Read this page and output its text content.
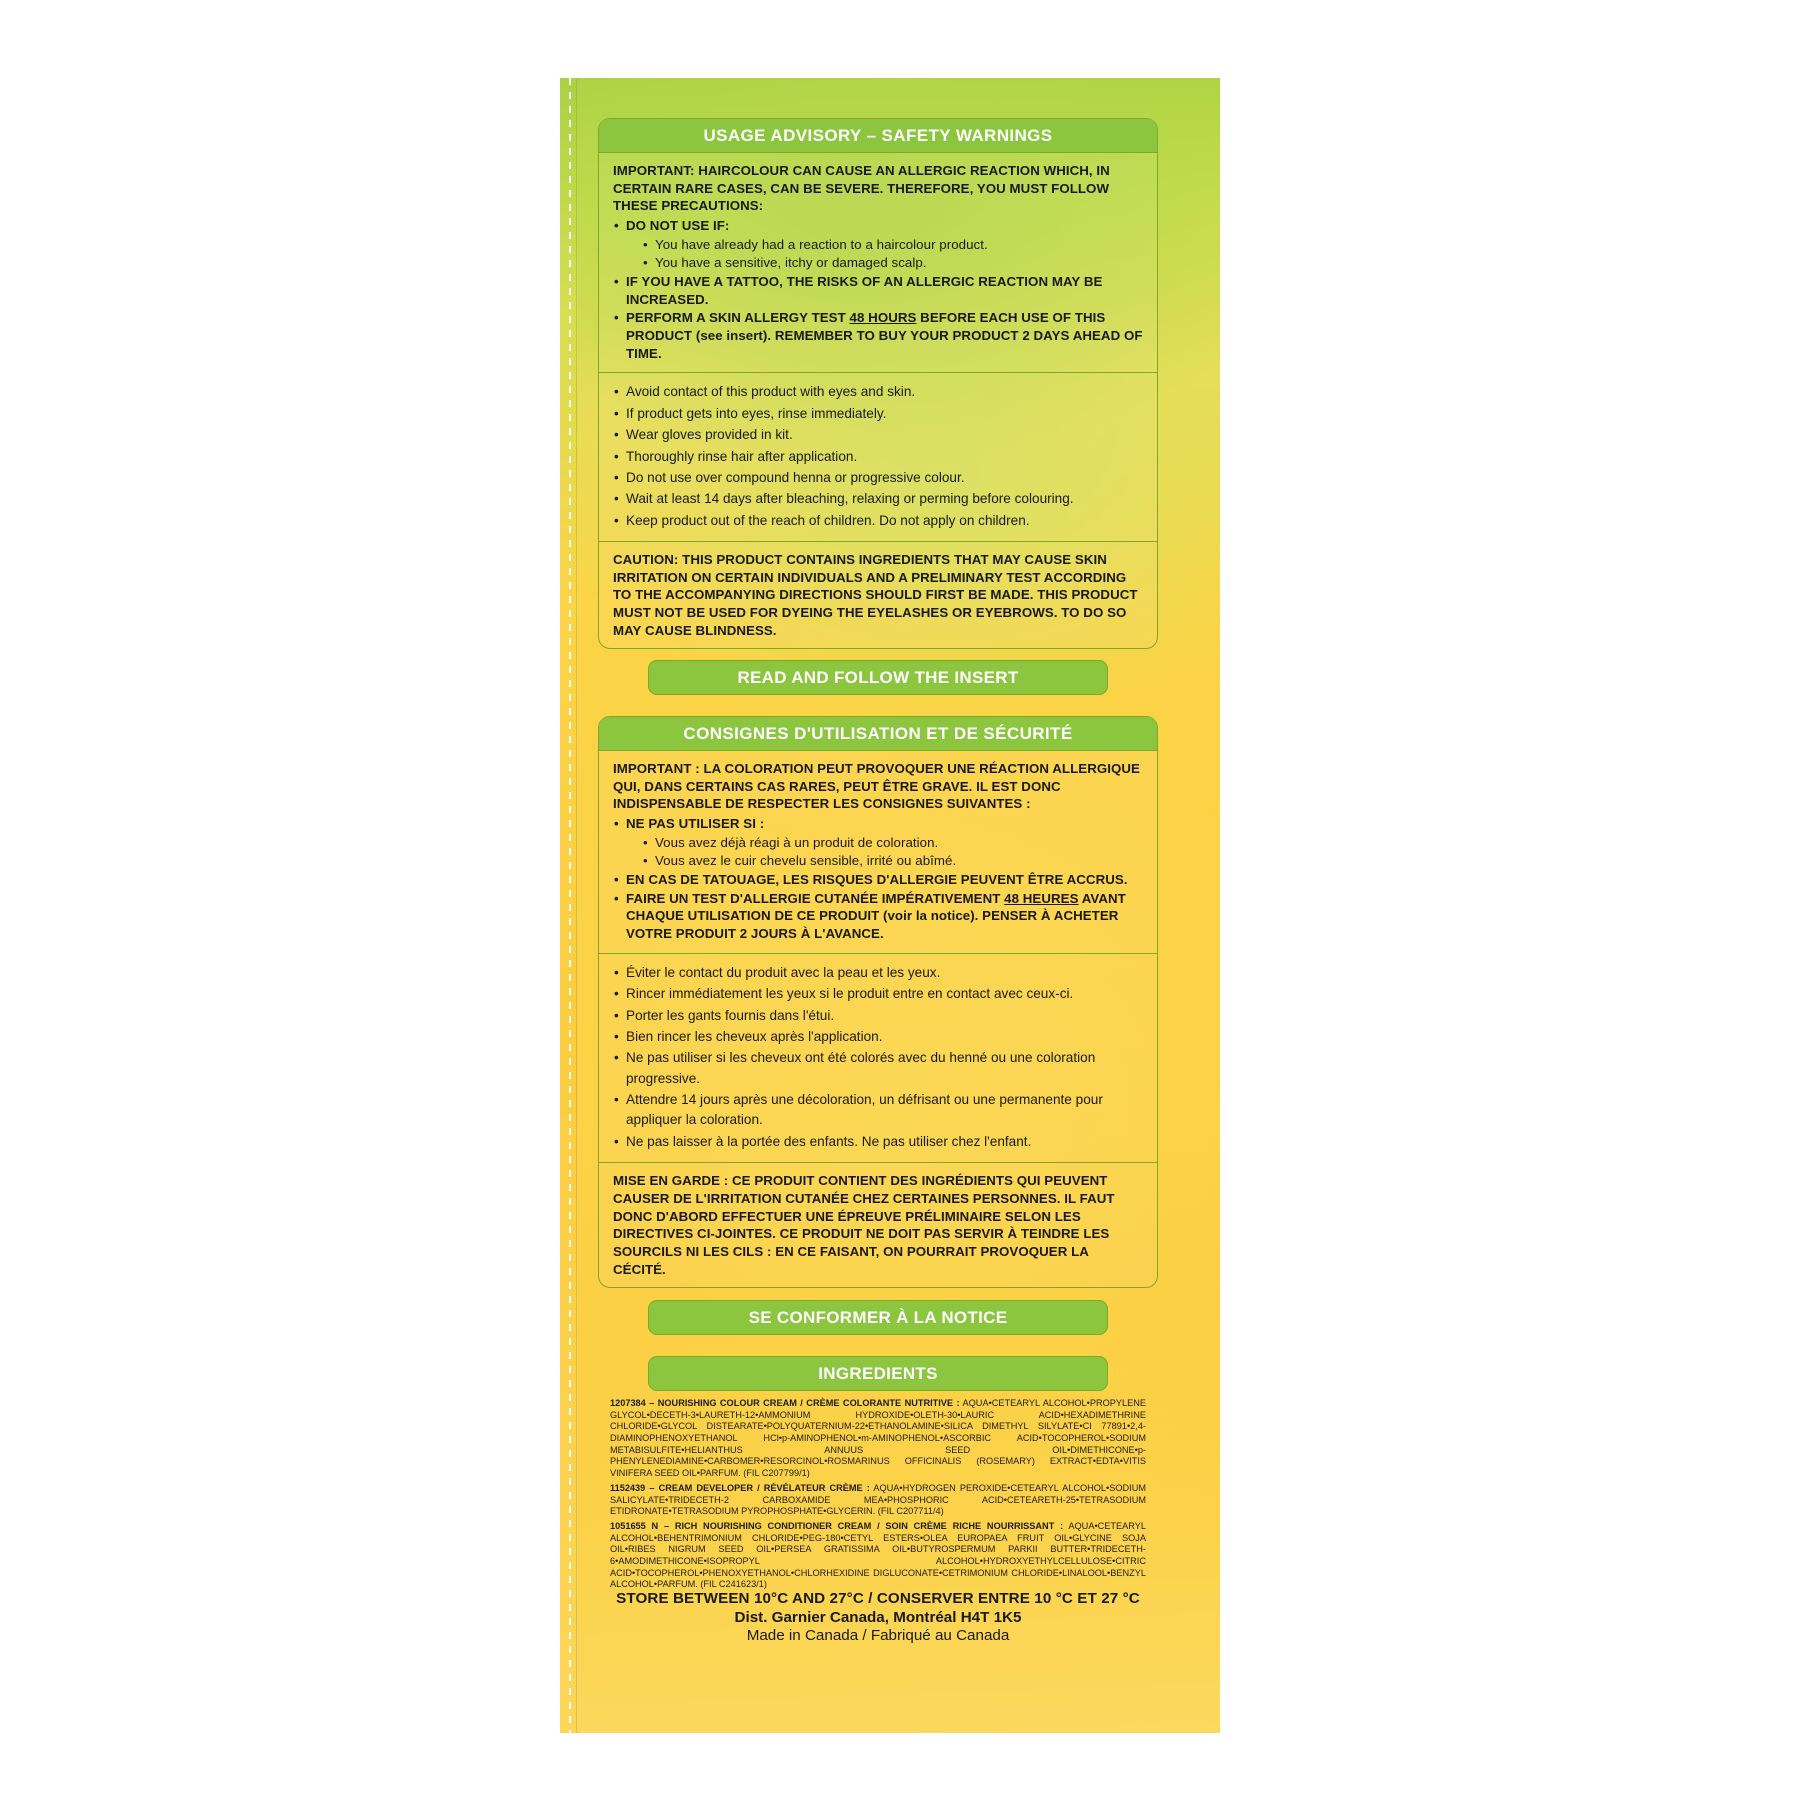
USAGE ADVISORY – SAFETY WARNINGS
IMPORTANT: HAIRCOLOUR CAN CAUSE AN ALLERGIC REACTION WHICH, IN CERTAIN RARE CASES, CAN BE SEVERE. THEREFORE, YOU MUST FOLLOW THESE PRECAUTIONS:
• DO NOT USE IF:
• You have already had a reaction to a haircolour product.
• You have a sensitive, itchy or damaged scalp.
• IF YOU HAVE A TATTOO, THE RISKS OF AN ALLERGIC REACTION MAY BE INCREASED.
• PERFORM A SKIN ALLERGY TEST 48 HOURS BEFORE EACH USE OF THIS PRODUCT (see insert). REMEMBER TO BUY YOUR PRODUCT 2 DAYS AHEAD OF TIME.
• Avoid contact of this product with eyes and skin.
• If product gets into eyes, rinse immediately.
• Wear gloves provided in kit.
• Thoroughly rinse hair after application.
• Do not use over compound henna or progressive colour.
• Wait at least 14 days after bleaching, relaxing or perming before colouring.
• Keep product out of the reach of children. Do not apply on children.
CAUTION: THIS PRODUCT CONTAINS INGREDIENTS THAT MAY CAUSE SKIN IRRITATION ON CERTAIN INDIVIDUALS AND A PRELIMINARY TEST ACCORDING TO THE ACCOMPANYING DIRECTIONS SHOULD FIRST BE MADE. THIS PRODUCT MUST NOT BE USED FOR DYEING THE EYELASHES OR EYEBROWS. TO DO SO MAY CAUSE BLINDNESS.
READ AND FOLLOW THE INSERT
CONSIGNES D'UTILISATION ET DE SÉCURITÉ
IMPORTANT : LA COLORATION PEUT PROVOQUER UNE RÉACTION ALLERGIQUE QUI, DANS CERTAINS CAS RARES, PEUT ÊTRE GRAVE. IL EST DONC INDISPENSABLE DE RESPECTER LES CONSIGNES SUIVANTES :
• NE PAS UTILISER SI :
• Vous avez déjà réagi à un produit de coloration.
• Vous avez le cuir chevelu sensible, irrité ou abîmé.
• EN CAS DE TATOUAGE, LES RISQUES D'ALLERGIE PEUVENT ÊTRE ACCRUS.
• FAIRE UN TEST D'ALLERGIE CUTANÉE IMPÉRATIVEMENT 48 HEURES AVANT CHAQUE UTILISATION DE CE PRODUIT (voir la notice). PENSER À ACHETER VOTRE PRODUIT 2 JOURS À L'AVANCE.
• Éviter le contact du produit avec la peau et les yeux.
• Rincer immédiatement les yeux si le produit entre en contact avec ceux-ci.
• Porter les gants fournis dans l'étui.
• Bien rincer les cheveux après l'application.
• Ne pas utiliser si les cheveux ont été colorés avec du henné ou une coloration progressive.
• Attendre 14 jours après une décoloration, un défrisant ou une permanente pour appliquer la coloration.
• Ne pas laisser à la portée des enfants. Ne pas utiliser chez l'enfant.
MISE EN GARDE : CE PRODUIT CONTIENT DES INGRÉDIENTS QUI PEUVENT CAUSER DE L'IRRITATION CUTANÉE CHEZ CERTAINES PERSONNES. IL FAUT DONC D'ABORD EFFECTUER UNE ÉPREUVE PRÉLIMINAIRE SELON LES DIRECTIVES CI-JOINTES. CE PRODUIT NE DOIT PAS SERVIR À TEINDRE LES SOURCILS NI LES CILS : EN CE FAISANT, ON POURRAIT PROVOQUER LA CÉCITÉ.
SE CONFORMER À LA NOTICE
INGREDIENTS

1207384 – NOURISHING COLOUR CREAM / CRÈME COLORANTE NUTRITIVE : AQUA•CETEARYL ALCOHOL•PROPYLENE GLYCOL•DECETH-3•LAURETH-12•AMMONIUM HYDROXIDE•OLETH-30•LAURIC ACID•HEXADIMETHRINE CHLORIDE•GLYCOL DISTEARATE•POLYQUATERNIUM-22•ETHANOLAMINE•SILICA DIMETHYL SILYLATE•CI 77891•2,4-DIAMINOPHENOXYETHANOL HCl•p-AMINOPHENOL•m-AMINOPHENOL•ASCORBIC ACID•TOCOPHEROL•SODIUM METABISULFITE•HELIANTHUS ANNUUS SEED OIL•DIMETHICONE•p-PHENYLENEDIAMINE•CARBOMER•RESORCINOL•ROSMARINUS OFFICINALIS (ROSEMARY) EXTRACT•EDTA•VITIS VINIFERA SEED OIL•PARFUM. (FIL C207799/1)

1152439 – CREAM DEVELOPER / RÉVÉLATEUR CRÈME : AQUA•HYDROGEN PEROXIDE•CETEARYL ALCOHOL•SODIUM SALICYLATE•TRIDECETH-2 CARBOXAMIDE MEA•PHOSPHORIC ACID•CETEARETH-25•TETRASODIUM ETIDRONATE•TETRASODIUM PYROPHOSPHATE•GLYCERIN. (FIL C207711/4)

1051655 N – RICH NOURISHING CONDITIONER CREAM / SOIN CRÈME RICHE NOURRISSANT : AQUA•CETEARYL ALCOHOL•BEHENTRIMONIUM CHLORIDE•PEG-180•CETYL ESTERS•OLEA EUROPAEA FRUIT OIL•GLYCINE SOJA OIL•RIBES NIGRUM SEED OIL•PERSEA GRATISSIMA OIL•BUTYROSPERMUM PARKII BUTTER•TRIDECETH-6•AMODIMETHICONE•ISOPROPYL ALCOHOL•HYDROXYETHYLCELLULOSE•CITRIC ACID•TOCOPHEROL•PHENOXYETHANOL•CHLORHEXIDINE DIGLUCONATE•CETRIMONIUM CHLORIDE•LINALOOL•BENZYL ALCOHOL•PARFUM. (FIL C241623/1)

STORE BETWEEN 10°C AND 27°C / CONSERVER ENTRE 10 °C ET 27 °C
Dist. Garnier Canada, Montréal H4T 1K5
Made in Canada / Fabriqué au Canada
